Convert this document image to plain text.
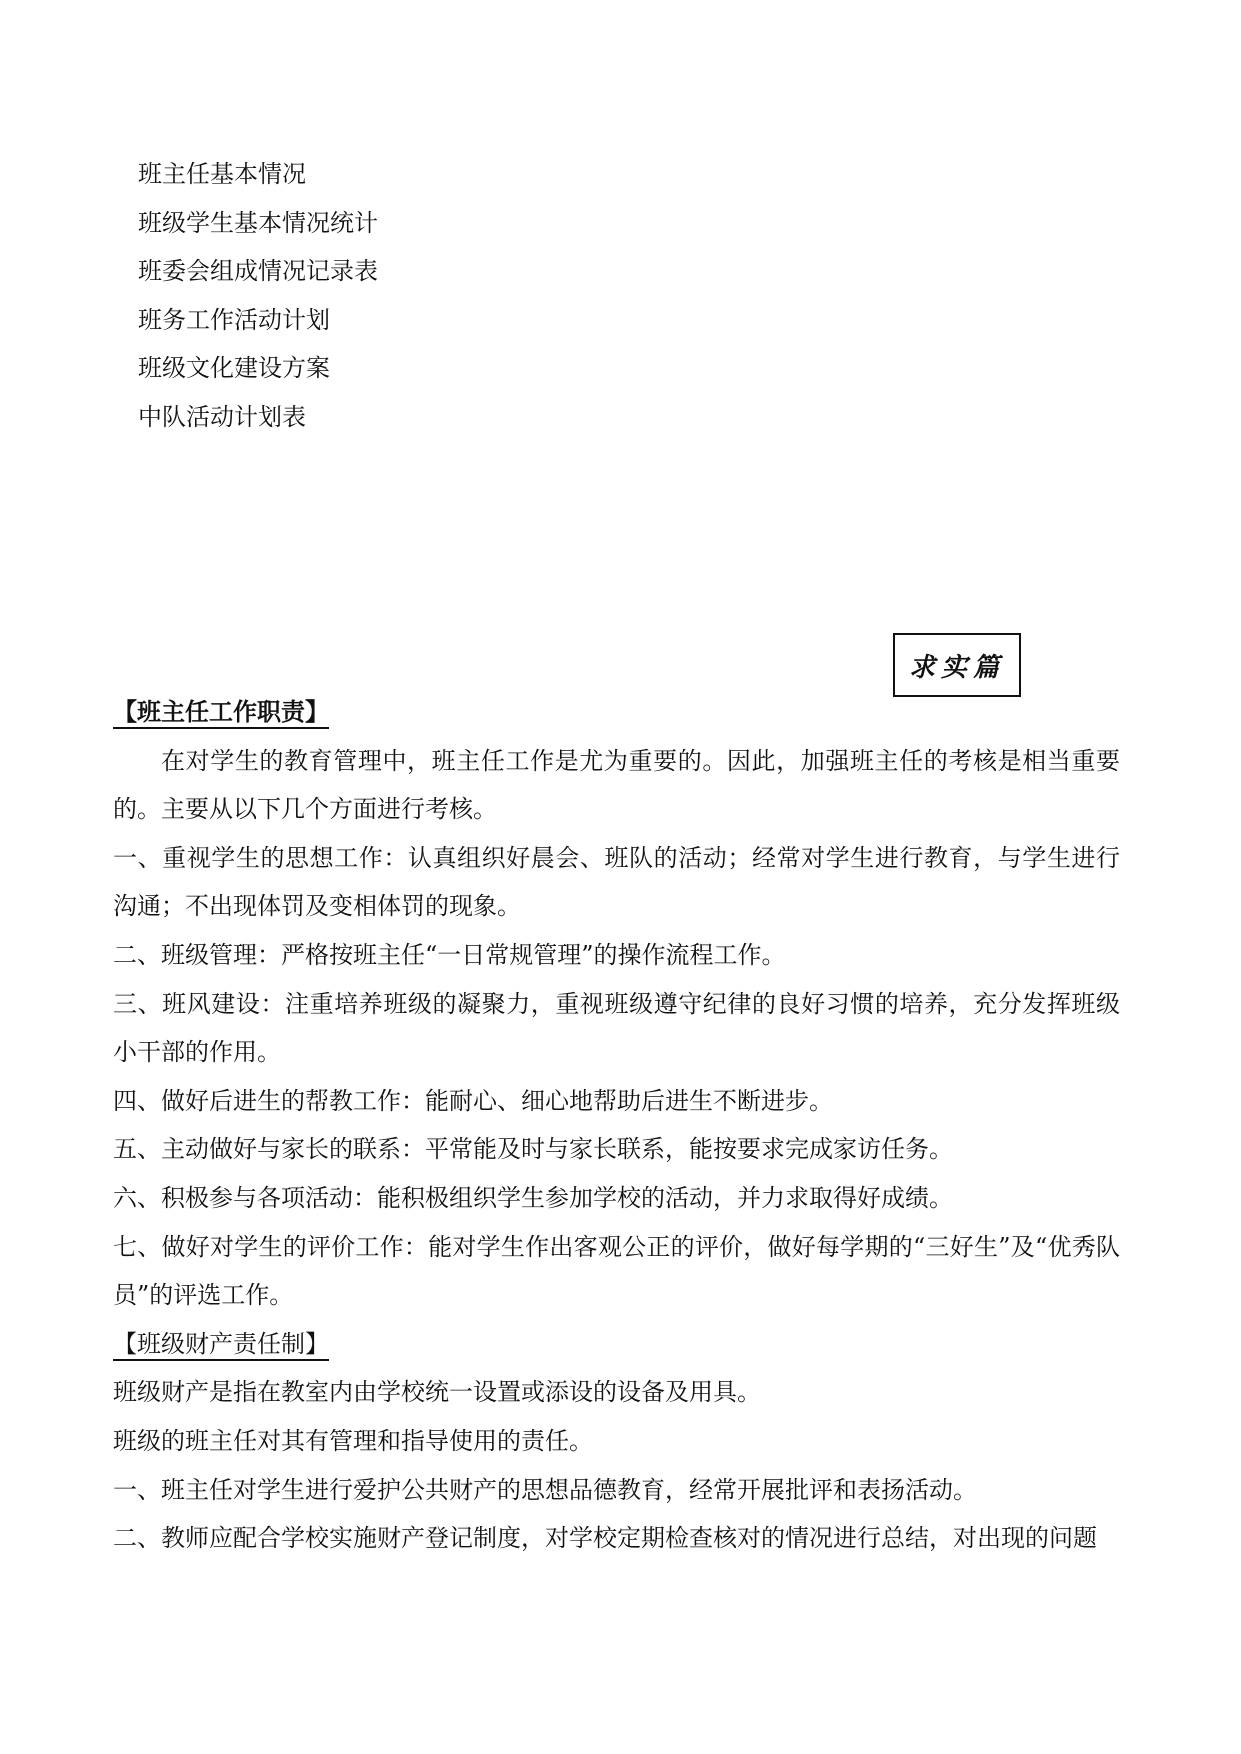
班主任基本情况
班级学生基本情况统计
班委会组成情况记录表
班务工作活动计划
班级文化建设方案
中队活动计划表
求实篇
【班主任工作职责】

在对学生的教育管理中，班主任工作是尤为重要的。因此，加强班主任的考核是相当重要的。主要从以下几个方面进行考核。

一、重视学生的思想工作：认真组织好晨会、班队的活动；经常对学生进行教育，与学生进行沟通；不出现体罚及变相体罚的现象。

二、班级管理：严格按班主任“一日常规管理”的操作流程工作。

三、班风建设：注重培养班级的凝聚力，重视班级遵守纪律的良好习惯的培养，充分发挥班级小干部的作用。

四、做好后进生的帮教工作：能耐心、细心地帮助后进生不断进步。

五、主动做好与家长的联系：平常能及时与家长联系，能按要求完成家访任务。

六、积极参与各项活动：能积极组织学生参加学校的活动，并力求取得好成绩。

七、做好对学生的评价工作：能对学生作出客观公正的评价，做好每学期的“三好生”及“优秀队员”的评选工作。

【班级财产责任制】

班级财产是指在教室内由学校统一设置或添设的设备及用具。

班级的班主任对其有管理和指导使用的责任。

一、班主任对学生进行爱护公共财产的思想品德教育，经常开展批评和表扬活动。

二、教师应配合学校实施财产登记制度，对学校定期检查核对的情况进行总结，对出现的问题
